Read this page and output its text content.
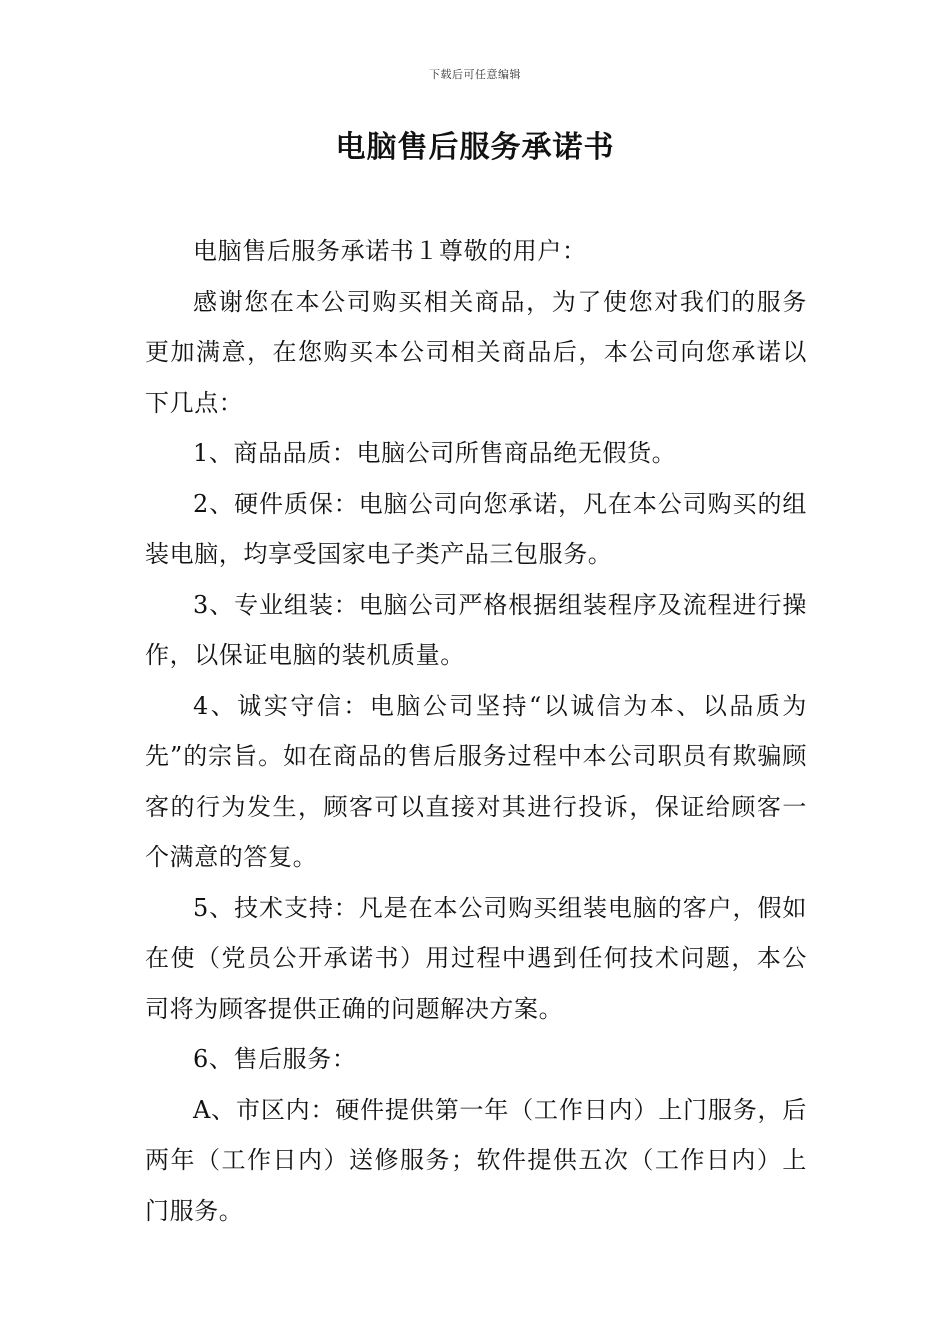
下载后可任意编辑
电脑售后服务承诺书

电脑售后服务承诺书１尊敬的用户：

感谢您在本公司购买相关商品，为了使您对我们的服务更加满意，在您购买本公司相关商品后，本公司向您承诺以下几点：

1、商品品质：电脑公司所售商品绝无假货。

2、硬件质保：电脑公司向您承诺，凡在本公司购买的组装电脑，均享受国家电子类产品三包服务。

3、专业组装：电脑公司严格根据组装程序及流程进行操作，以保证电脑的装机质量。

4、诚实守信：电脑公司坚持“以诚信为本、以品质为先”的宗旨。如在商品的售后服务过程中本公司职员有欺骗顾客的行为发生，顾客可以直接对其进行投诉，保证给顾客一个满意的答复。

5、技术支持：凡是在本公司购买组装电脑的客户，假如在使（党员公开承诺书）用过程中遇到任何技术问题，本公司将为顾客提供正确的问题解决方案。

6、售后服务：

A、市区内：硬件提供第一年（工作日内）上门服务，后两年（工作日内）送修服务；软件提供五次（工作日内）上门服务。
